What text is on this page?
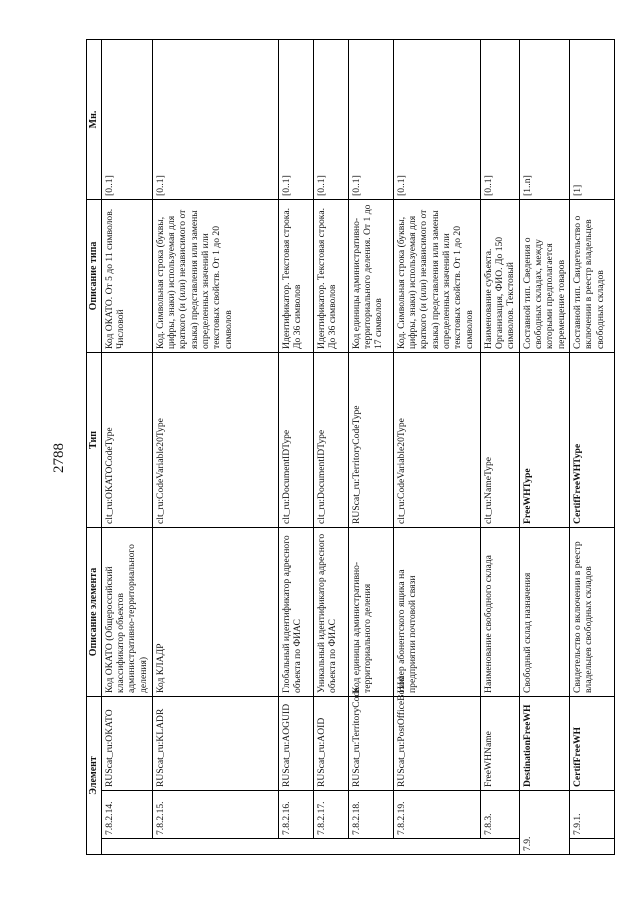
2788
Элемент			Описание элемента	Тип	Описание типа	Мн.
	7.8.2.14.	RUScat_ru:OKATO	Код ОКАТО (Общероссийский классификатор объектов административно-территориального деления)	clt_ru:OKATOCodeType	Код ОКАТО. От 5 до 11 символов. Числовой	[0..1]
	7.8.2.15.	RUScat_ru:KLADR	Код КЛАДР	clt_ru:CodeVariable20Type	Код. Символьная строка (буквы, цифры, знаки) используемая для краткого (и (или) независимого от языка) представления или замены определенных значений или текстовых свойств. От 1 до 20 символов	[0..1]
	7.8.2.16.	RUScat_ru:AOGUID	Глобальный идентификатор адресного объекта по ФИАС	clt_ru:DocumentIDType	Идентификатор. Текстовая строка. До 36 символов	[0..1]
	7.8.2.17.	RUScat_ru:AOID	Уникальный идентификатор адресного объекта по ФИАС	clt_ru:DocumentIDType	Идентификатор. Текстовая строка. До 36 символов	[0..1]
	7.8.2.18.	RUScat_ru:TerritoryCode	Код единицы административно-территориального деления	RUScat_ru:TerritoryCodeType	Код единицы административно-территориального деления. От 1 до 17 символов	[0..1]
	7.8.2.19.	RUScat_ru:PostOfficeBoxId	Номер абонентского ящика на предприятии почтовой связи	clt_ru:CodeVariable20Type	Код. Символьная строка (буквы, цифры, знаки) используемая для краткого (и (или) независимого от языка) представления или замены определенных значений или текстовых свойств. От 1 до 20 символов	[0..1]
	7.8.3.	FreeWHName	Наименование свободного склада	clt_ru:NameType	Наименование субъекта. Организация, ФИО. До 150 символов. Текстовый	[0..1]
7.9.		DestinationFreeWH	Свободный склад назначения	FreeWHType	Составной тип. Сведения о свободных складах, между которыми предполагается перемещение товаров	[1..n]
	7.9.1.	CertifFreeWH	Свидетельство о включении в реестр владельцев свободных складов	CertifFreeWHType	Составной тип. Свидетельство о включении в реестр владельцев свободных складов	[1]
